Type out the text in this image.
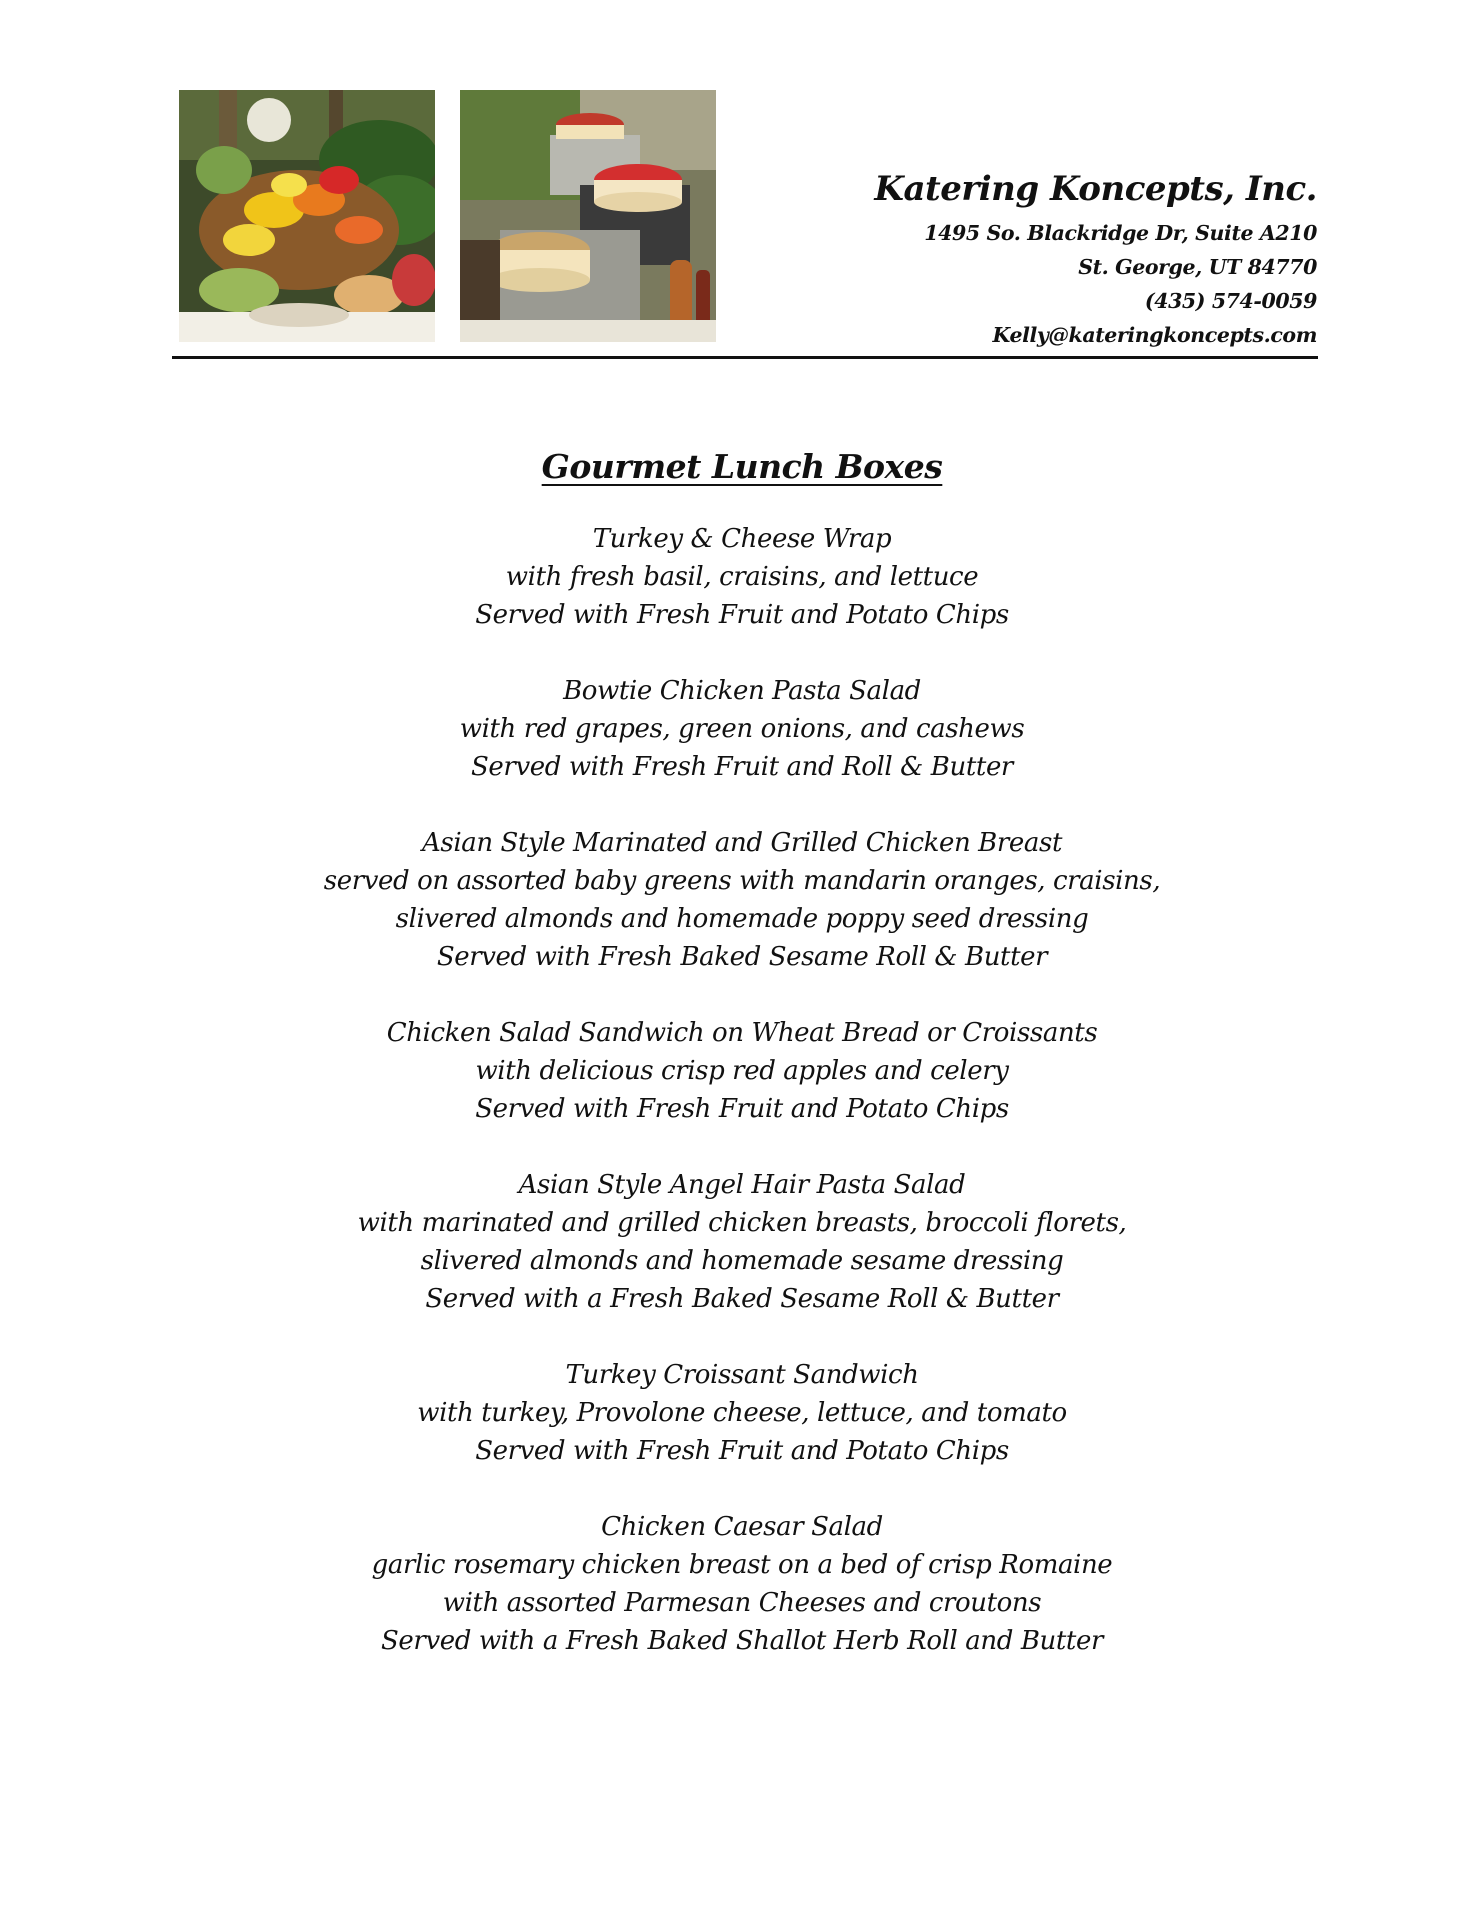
Katering Koncepts, Inc.
1495 So. Blackridge Dr, Suite A210
St. George, UT 84770
(435) 574-0059
Kelly@kateringkoncepts.com
Gourmet Lunch Boxes
Turkey & Cheese Wrap
with fresh basil, craisins, and lettuce
Served with Fresh Fruit and Potato Chips
Bowtie Chicken Pasta Salad
with red grapes, green onions, and cashews
Served with Fresh Fruit and Roll & Butter
Asian Style Marinated and Grilled Chicken Breast
served on assorted baby greens with mandarin oranges, craisins,
slivered almonds and homemade poppy seed dressing
Served with Fresh Baked Sesame Roll & Butter
Chicken Salad Sandwich on Wheat Bread or Croissants
with delicious crisp red apples and celery
Served with Fresh Fruit and Potato Chips
Asian Style Angel Hair Pasta Salad
with marinated and grilled chicken breasts, broccoli florets,
slivered almonds and homemade sesame dressing
Served with a Fresh Baked Sesame Roll & Butter
Turkey Croissant Sandwich
with turkey, Provolone cheese, lettuce, and tomato
Served with Fresh Fruit and Potato Chips
Chicken Caesar Salad
garlic rosemary chicken breast on a bed of crisp Romaine
with assorted Parmesan Cheeses and croutons
Served with a Fresh Baked Shallot Herb Roll and Butter
